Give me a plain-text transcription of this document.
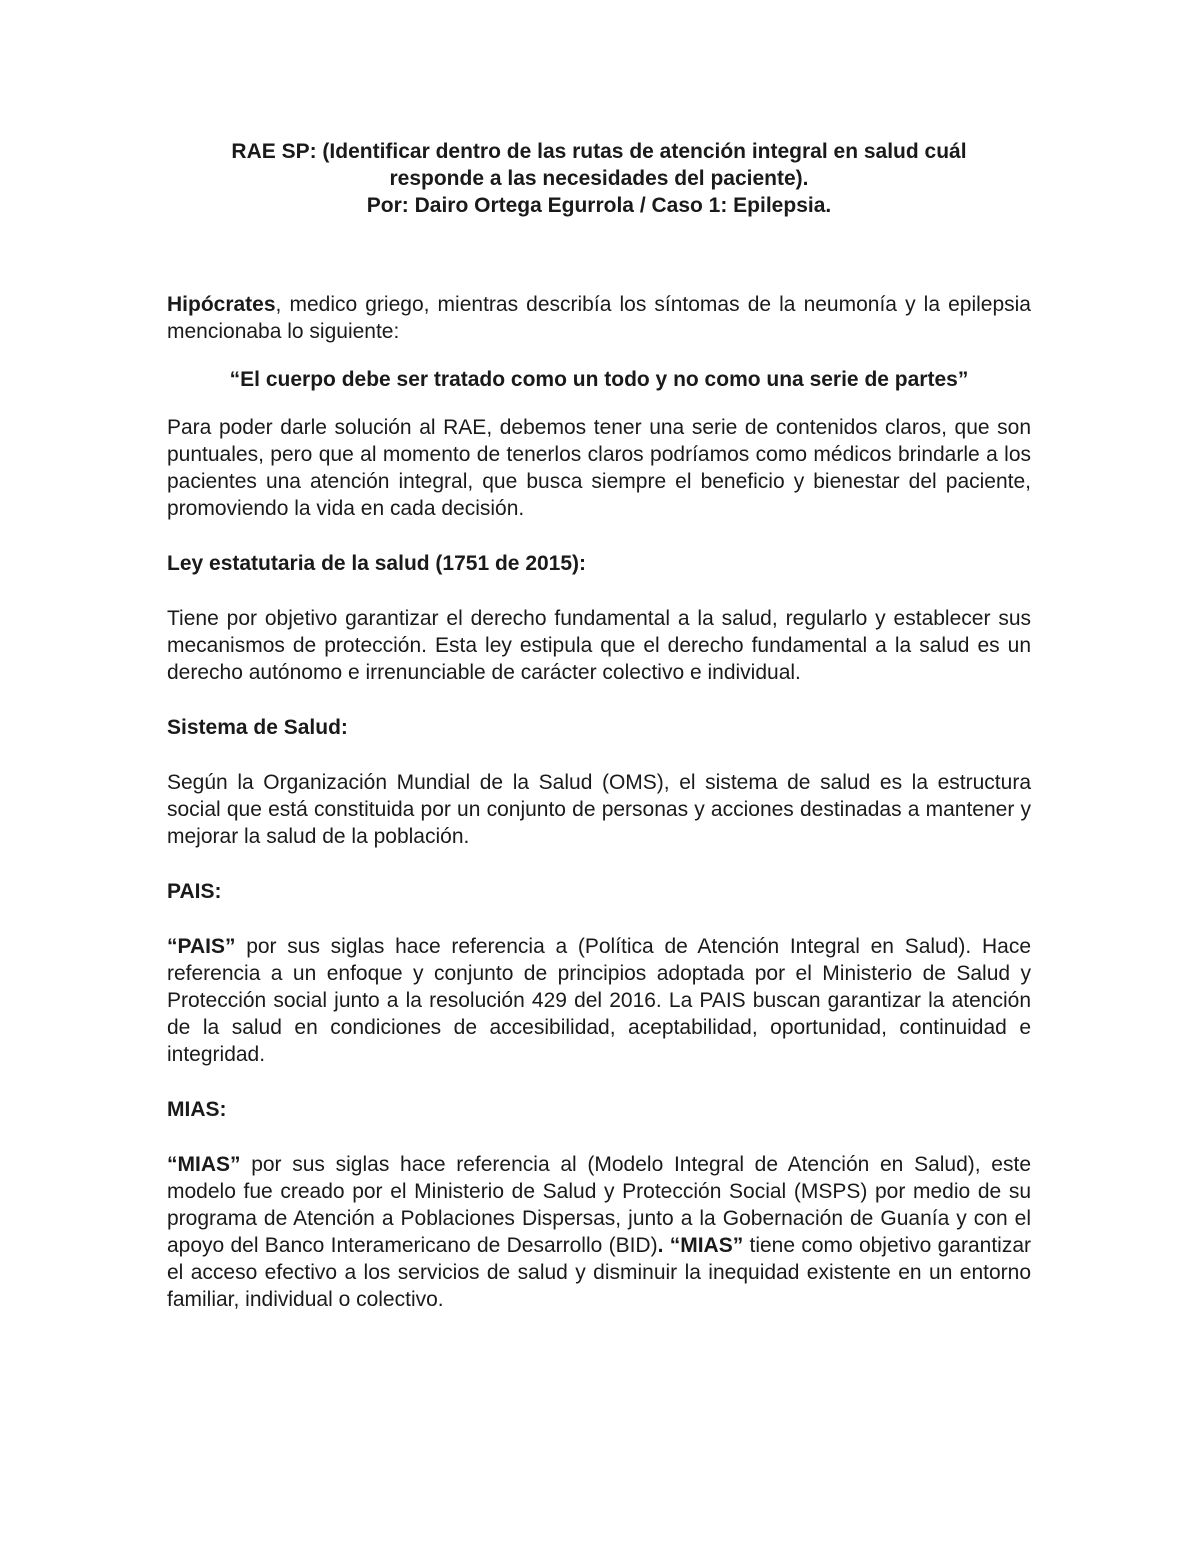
RAE SP: (Identificar dentro de las rutas de atención integral en salud cuál
responde a las necesidades del paciente).
Por: Dairo Ortega Egurrola / Caso 1: Epilepsia.

Hipócrates, medico griego, mientras describía los síntomas de la neumonía y la epilepsia mencionaba lo siguiente:

“El cuerpo debe ser tratado como un todo y no como una serie de partes”

Para poder darle solución al RAE, debemos tener una serie de contenidos claros, que son puntuales, pero que al momento de tenerlos claros podríamos como médicos brindarle a los pacientes una atención integral, que busca siempre el beneficio y bienestar del paciente, promoviendo la vida en cada decisión.

Ley estatutaria de la salud (1751 de 2015):

Tiene por objetivo garantizar el derecho fundamental a la salud, regularlo y establecer sus mecanismos de protección. Esta ley estipula que el derecho fundamental a la salud es un derecho autónomo e irrenunciable de carácter colectivo e individual.

Sistema de Salud:

Según la Organización Mundial de la Salud (OMS), el sistema de salud es la estructura social que está constituida por un conjunto de personas y acciones destinadas a mantener y mejorar la salud de la población.

PAIS:

“PAIS” por sus siglas hace referencia a (Política de Atención Integral en Salud). Hace referencia a un enfoque y conjunto de principios adoptada por el Ministerio de Salud y Protección social junto a la resolución 429 del 2016. La PAIS buscan garantizar la atención de la salud en condiciones de accesibilidad, aceptabilidad, oportunidad, continuidad e integridad.

MIAS:

“MIAS” por sus siglas hace referencia al (Modelo Integral de Atención en Salud), este modelo fue creado por el Ministerio de Salud y Protección Social (MSPS) por medio de su programa de Atención a Poblaciones Dispersas, junto a la Gobernación de Guanía y con el apoyo del Banco Interamericano de Desarrollo (BID). “MIAS” tiene como objetivo garantizar el acceso efectivo a los servicios de salud y disminuir la inequidad existente en un entorno familiar, individual o colectivo.
